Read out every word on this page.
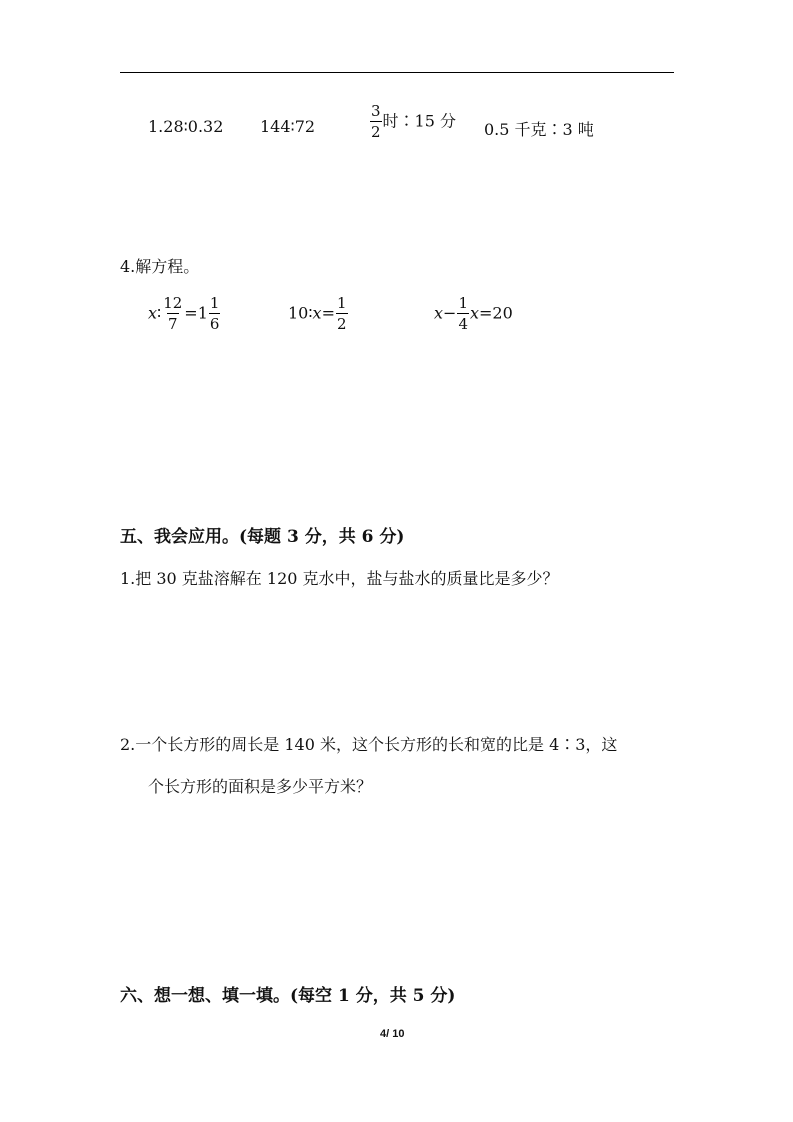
1.28∶0.32 144∶72	$\frac{3}{2}$ 时∶15 分 0.5 千克∶3 吨
4.解方程。
x∶ $\frac{12}{7} =1 \frac{1}{6}$	10∶x= $\frac{1}{2}$	$x- \frac{1}{4} x=20$
五、我会应用。(每题 3 分，共 6 分)
1.把 30 克盐溶解在 120 克水中，盐与盐水的质量比是多少？
2.一个长方形的周长是 140 米，这个长方形的长和宽的比是 4∶3，这
个长方形的面积是多少平方米？
六、想一想、填一填。(每空 1 分，共 5 分)
4/ 10
